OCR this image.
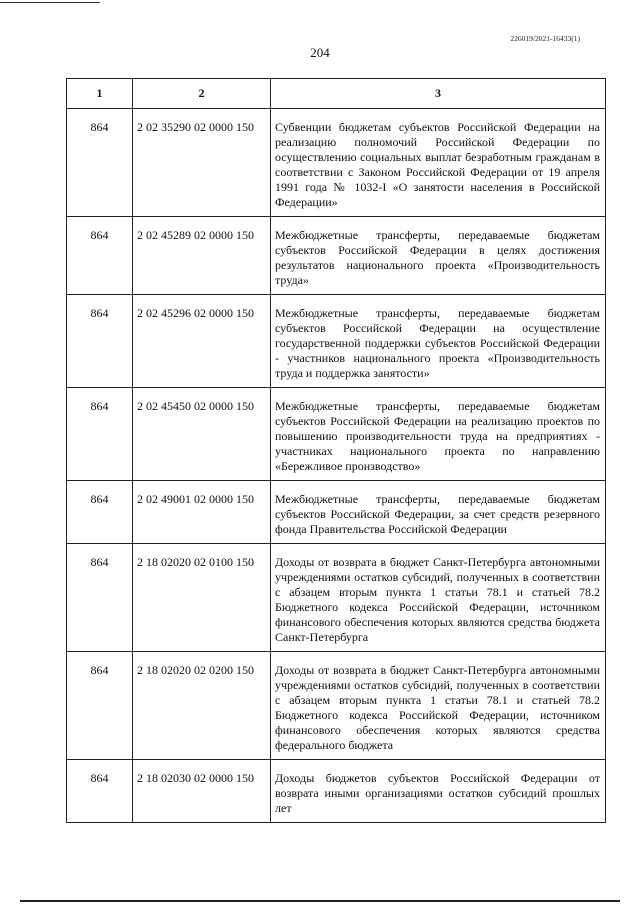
226019/2021-16433(1)
204
1	2	3
864	2 02 35290 02 0000 150	Субвенции бюджетам субъектов Российской Федерации на реализацию полномочий Российской Федерации по осуществлению социальных выплат безработным гражданам в соответствии с Законом Российской Федерации от 19 апреля 1991 года № 1032-I «О занятости населения в Российской Федерации»
864	2 02 45289 02 0000 150	Межбюджетные трансферты, передаваемые бюджетам субъектов Российской Федерации в целях достижения результатов национального проекта «Производительность труда»
864	2 02 45296 02 0000 150	Межбюджетные трансферты, передаваемые бюджетам субъектов Российской Федерации на осуществление государственной поддержки субъектов Российской Федерации - участников национального проекта «Производительность труда и поддержка занятости»
864	2 02 45450 02 0000 150	Межбюджетные трансферты, передаваемые бюджетам субъектов Российской Федерации на реализацию проектов по повышению производительности труда на предприятиях - участниках национального проекта по направлению «Бережливое производство»
864	2 02 49001 02 0000 150	Межбюджетные трансферты, передаваемые бюджетам субъектов Российской Федерации, за счет средств резервного фонда Правительства Российской Федерации
864	2 18 02020 02 0100 150	Доходы от возврата в бюджет Санкт-Петербурга автономными учреждениями остатков субсидий, полученных в соответствии с абзацем вторым пункта 1 статьи 78.1 и статьей 78.2 Бюджетного кодекса Российской Федерации, источником финансового обеспечения которых являются средства бюджета Санкт-Петербурга
864	2 18 02020 02 0200 150	Доходы от возврата в бюджет Санкт-Петербурга автономными учреждениями остатков субсидий, полученных в соответствии с абзацем вторым пункта 1 статьи 78.1 и статьей 78.2 Бюджетного кодекса Российской Федерации, источником финансового обеспечения которых являются средства федерального бюджета
864	2 18 02030 02 0000 150	Доходы бюджетов субъектов Российской Федерации от возврата иными организациями остатков субсидий прошлых лет
